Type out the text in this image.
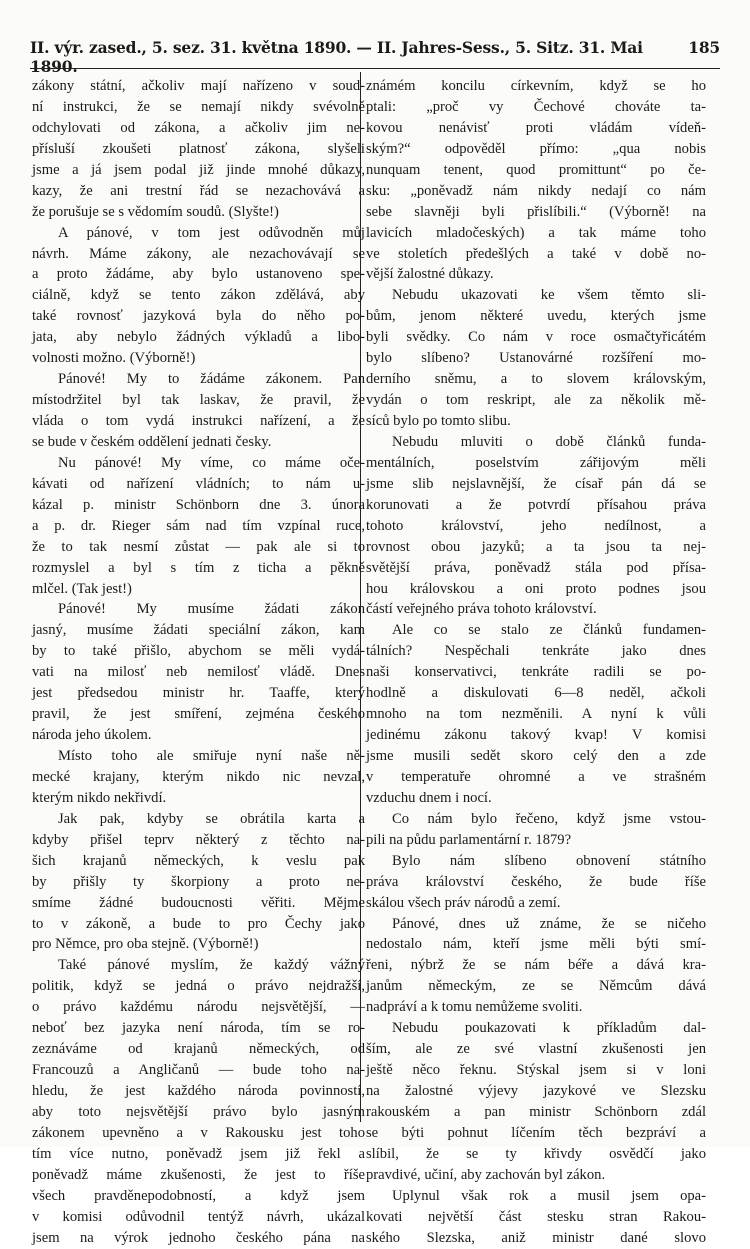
II. výr. zased., 5. sez. 31. května 1890. — II. Jahres-Sess., 5. Sitz. 31. Mai 1890.
185
zákony státní, ačkoliv mají nařízeno v soud-
ní instrukci, že se nemají nikdy svévolně
odchylovati od zákona, a ačkoliv jim ne-
přísluší zkoušeti platnosť zákona, slyšeli
jsme a já jsem podal již jinde mnohé důkazy,
kazy, že ani trestní řád se nezachovává a
že porušuje se s vědomím soudů. (Slyšte!)
A pánové, v tom jest odůvodněn můj
návrh. Máme zákony, ale nezachovávají se
a proto žádáme, aby bylo ustanoveno spe-
ciálně, když se tento zákon zdělává, aby
také rovnosť jazyková byla do něho po-
jata, aby nebylo žádných výkladů a libo-
volnosti možno. (Výborně!)
Pánové! My to žádáme zákonem. Pan
místodržitel byl tak laskav, že pravil, že
vláda o tom vydá instrukci nařízení, a že
se bude v českém oddělení jednati česky.
Nu pánové! My víme, co máme oče-
kávati od nařízení vládních; to nám u-
kázal p. ministr Schönborn dne 3. února
a p. dr. Rieger sám nad tím vzpínal ruce,
že to tak nesmí zůstat — pak ale si to
rozmyslel a byl s tím z ticha a pěkně
mlčel. (Tak jest!)
Pánové! My musíme žádati zákon
jasný, musíme žádati speciální zákon, kam
by to také přišlo, abychom se měli vydá-
vati na milosť neb nemilosť vládě. Dnes
jest předsedou ministr hr. Taaffe, který
pravil, že jest smíření, zejména českého
národa jeho úkolem.
Místo toho ale smiřuje nyní naše ně-
mecké krajany, kterým nikdo nic nevzal,
kterým nikdo nekřivdí.
Jak pak, kdyby se obrátila karta a
kdyby přišel teprv některý z těchto na-
šich krajanů německých, k veslu pak
by přišly ty škorpiony a proto ne-
smíme žádné budoucnosti věřiti. Mějme
to v zákoně, a bude to pro Čechy jako
pro Němce, pro oba stejně. (Výborně!)
Také pánové myslím, že každý vážný
politik, když se jedná o právo nejdražší,
o právo každému národu nejsvětější, —
neboť bez jazyka není národa, tím se ro-
zeznáváme od krajanů německých, od
Francouzů a Angličanů — bude toho na-
hledu, že jest každého národa povinností,
aby toto nejsvětější právo bylo jasným
zákonem upevněno a v Rakousku jest toho
tím více nutno, poněvadž jsem již řekl a
poněvadž máme zkušenosti, že jest to říše
všech pravděnepodobností, a když jsem
v komisi odůvodnil tentýž návrh, ukázal
jsem na výrok jednoho českého pána na
známém koncilu církevním, když se ho
ptali: „proč vy Čechové chováte ta-
kovou nenávisť proti vládám vídeň-
ským?“ odpověděl přímo: „qua nobis
nunquam tenent, quod promittunt“ po če-
sku: „poněvadž nám nikdy nedají co nám
sebe slavněji byli přislíbili.“ (Výborně! na
lavicích mladočeských) a tak máme toho
ve stoletích předešlých a také v době no-
vější žalostné důkazy.
Nebudu ukazovati ke všem těmto sli-
bům, jenom některé uvedu, kterých jsme
byli svědky. Co nám v roce osmačtyřicátém
bylo slíbeno? Ustanovárné rozšíření mo-
derního sněmu, a to slovem královským,
vydán o tom reskript, ale za několik mě-
síců bylo po tomto slibu.
Nebudu mluviti o době článků funda-
mentálních, poselstvím zářijovým měli
jsme slib nejslavnější, že císař pán dá se
korunovati a že potvrdí přísahou práva
tohoto království, jeho nedílnost, a
rovnost obou jazyků; a ta jsou ta nej-
světější práva, poněvadž stála pod přísa-
hou královskou a oni proto podnes jsou
částí veřejného práva tohoto království.
Ale co se stalo ze článků fundamen-
tálních? Nespěchali tenkráte jako dnes
naši konservativci, tenkráte radili se po-
hodlně a diskulovati 6—8 neděl, ačkoli
mnoho na tom nezměnili. A nyní k vůli
jedinému zákonu takový kvap! V komisi
jsme musili sedět skoro celý den a zde
v temperatuře ohromné a ve strašném
vzduchu dnem i nocí.
Co nám bylo řečeno, když jsme vstou-
pili na půdu parlamentární r. 1879?
Bylo nám slíbeno obnovení státního
práva království českého, že bude říše
skálou všech práv národů a zemí.
Pánové, dnes už známe, že se ničeho
nedostalo nám, kteří jsme měli býti smí-
řeni, nýbrž že se nám béře a dává kra-
janům německým, ze se Němcům dává
nadpráví a k tomu nemůžeme svoliti.
Nebudu poukazovati k příkladům dal-
ším, ale ze své vlastní zkušenosti jen
ještě něco řeknu. Stýskal jsem si v loni
na žalostné výjevy jazykové ve Slezsku
rakouském a pan ministr Schönborn zdál
se býti pohnut líčením těch bezpráví a
slíbil, že se ty křivdy osvědčí jako
pravdivé, učiní, aby zachován byl zákon.
Uplynul však rok a musil jsem opa-
kovati největší část stesku stran Rakou-
ského Slezska, aniž ministr dané slovo
